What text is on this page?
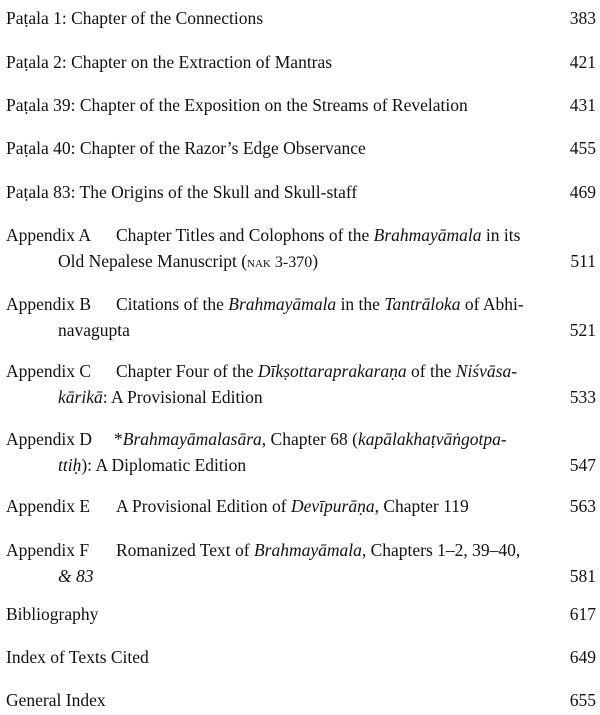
Paṭala 1: Chapter of the Connections	383
Paṭala 2: Chapter on the Extraction of Mantras	421
Paṭala 39: Chapter of the Exposition on the Streams of Revelation	431
Paṭala 40: Chapter of the Razor’s Edge Observance	455
Paṭala 83: The Origins of the Skull and Skull-staff	469
Appendix A Chapter Titles and Colophons of the Brahmayāmala in its
Old Nepalese Manuscript (nak 3-370)	511
Appendix B Citations of the Brahmayāmala in the Tantrāloka of Abhi-
navagupta	521
Appendix C Chapter Four of the Dīkṣottaraprakaraṇa of the Niśvāsa-
kārikā: A Provisional Edition	533
Appendix D *Brahmayāmalasāra, Chapter 68 (kapālakhaṭvāṅgotpa-
ttiḥ): A Diplomatic Edition	547
Appendix E A Provisional Edition of Devīpurāṇa, Chapter 119	563
Appendix F Romanized Text of Brahmayāmala, Chapters 1–2, 39–40,
& 83	581
Bibliography	617
Index of Texts Cited	649
General Index	655
